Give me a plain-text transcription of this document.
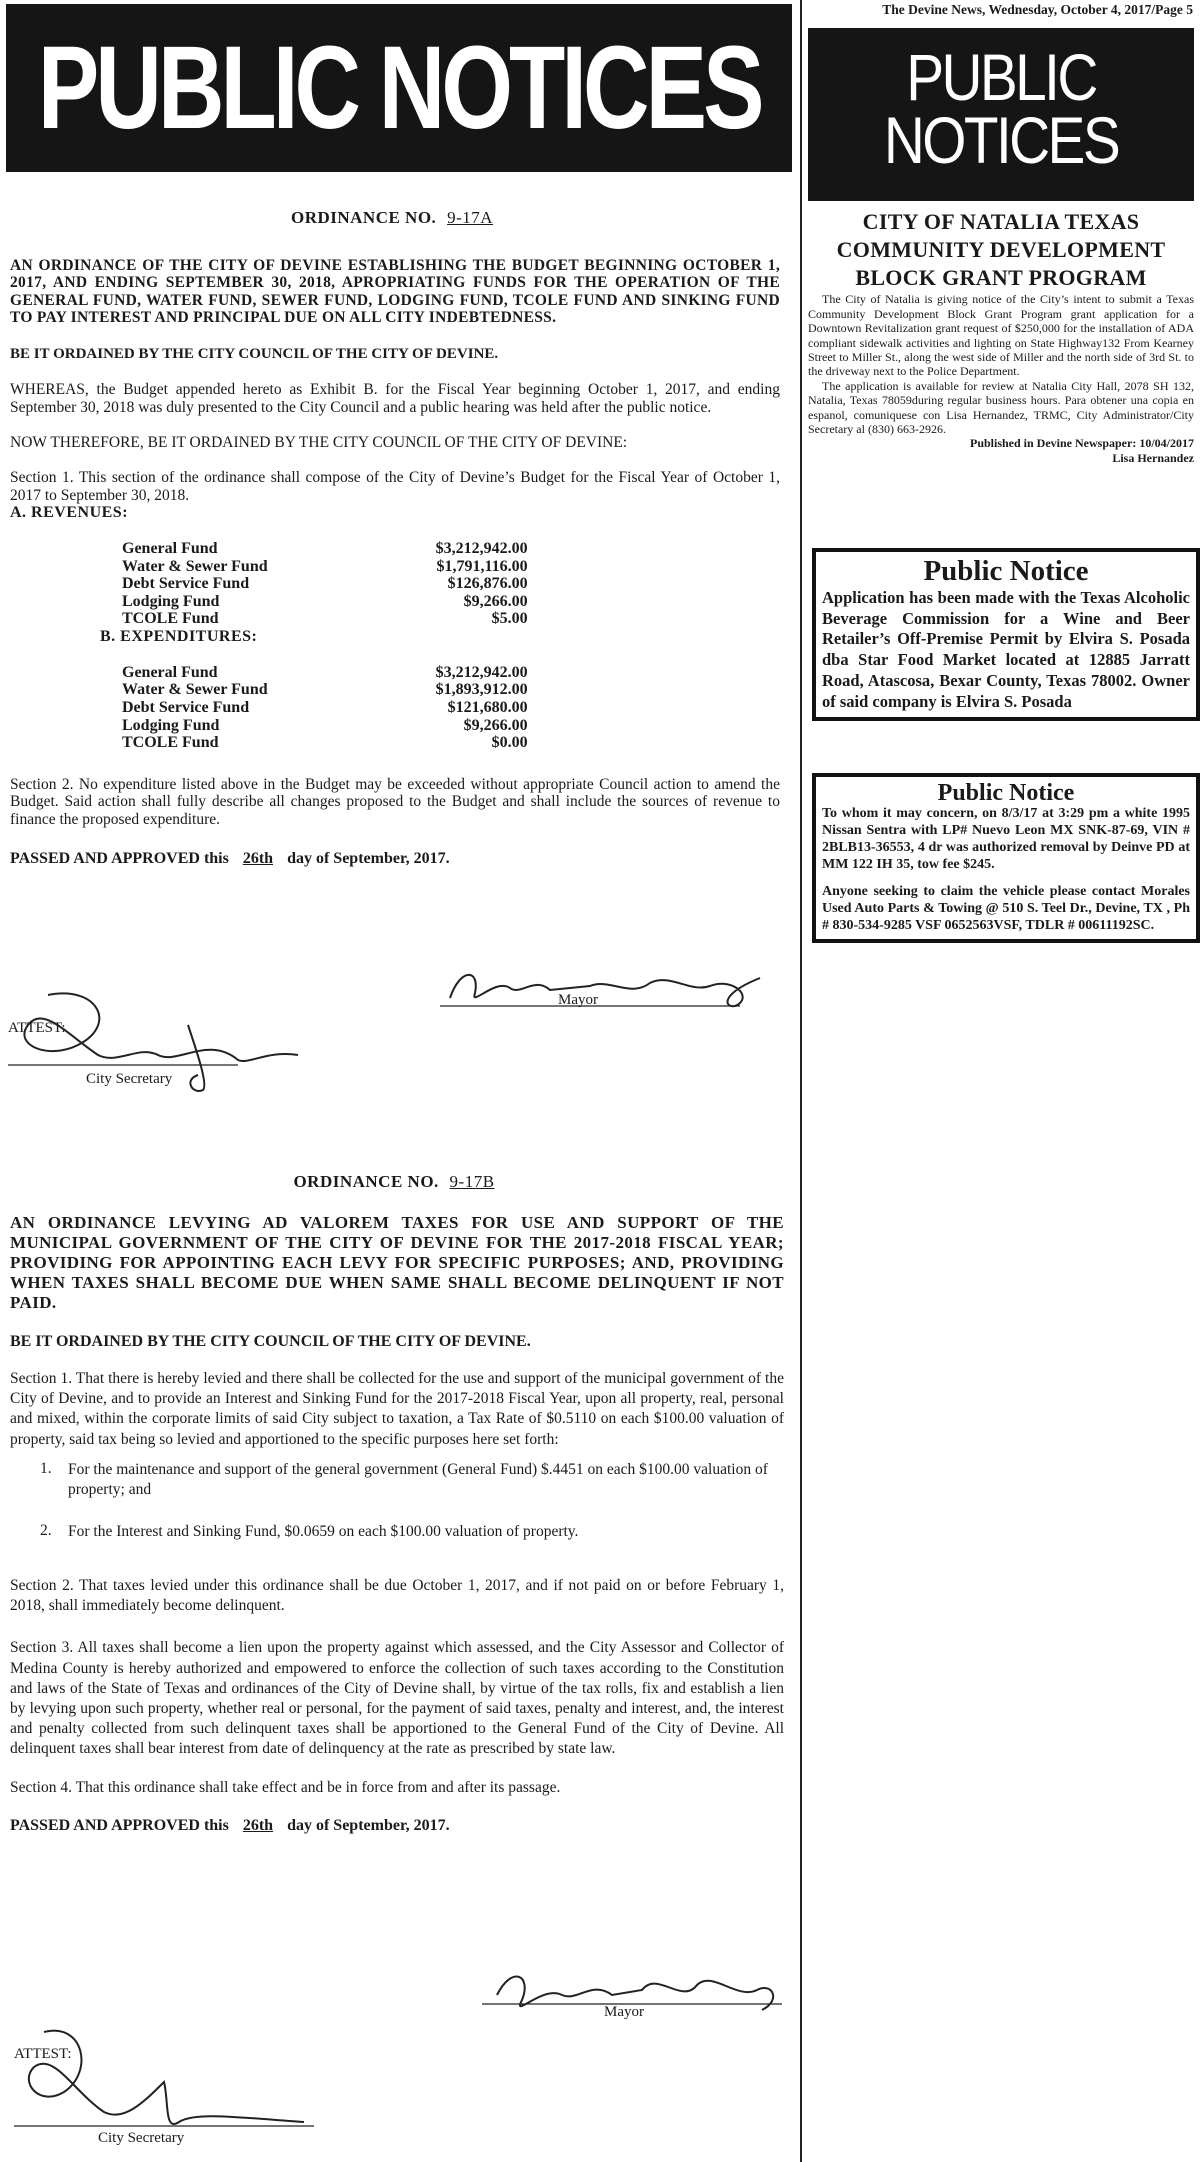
PUBLIC NOTICES

ORDINANCE NO. 9-17A

AN ORDINANCE OF THE CITY OF DEVINE ESTABLISHING THE BUDGET BEGINNING OCTOBER 1, 2017, AND ENDING SEPTEMBER 30, 2018, APROPRIATING FUNDS FOR THE OPERATION OF THE GENERAL FUND, WATER FUND, SEWER FUND, LODGING FUND, TCOLE FUND AND SINKING FUND TO PAY INTEREST AND PRINCIPAL DUE ON ALL CITY INDEBTEDNESS.

BE IT ORDAINED BY THE CITY COUNCIL OF THE CITY OF DEVINE.

WHEREAS, the Budget appended hereto as Exhibit B. for the Fiscal Year beginning October 1, 2017, and ending September 30, 2018 was duly presented to the City Council and a public hearing was held after the public notice.

NOW THEREFORE, BE IT ORDAINED BY THE CITY COUNCIL OF THE CITY OF DEVINE:

Section 1. This section of the ordinance shall compose of the City of Devine’s Budget for the Fiscal Year of October 1, 2017 to September 30, 2018.

A. REVENUES:

General Fund	$3,212,942.00
Water & Sewer Fund	$1,791,116.00
Debt Service Fund	$126,876.00
Lodging Fund	$9,266.00
TCOLE Fund	$5.00

B. EXPENDITURES:

General Fund	$3,212,942.00
Water & Sewer Fund	$1,893,912.00
Debt Service Fund	$121,680.00
Lodging Fund	$9,266.00
TCOLE Fund	$0.00

Section 2. No expenditure listed above in the Budget may be exceeded without appropriate Council action to amend the Budget. Said action shall fully describe all changes proposed to the Budget and shall include the sources of revenue to finance the proposed expenditure.

PASSED AND APPROVED this 26th day of September, 2017.

Mayor
ATTEST:
City Secretary

ORDINANCE NO. 9-17B

AN ORDINANCE LEVYING AD VALOREM TAXES FOR USE AND SUPPORT OF THE MUNICIPAL GOVERNMENT OF THE CITY OF DEVINE FOR THE 2017-2018 FISCAL YEAR; PROVIDING FOR APPOINTING EACH LEVY FOR SPECIFIC PURPOSES; AND, PROVIDING WHEN TAXES SHALL BECOME DUE WHEN SAME SHALL BECOME DELINQUENT IF NOT PAID.

BE IT ORDAINED BY THE CITY COUNCIL OF THE CITY OF DEVINE.

Section 1. That there is hereby levied and there shall be collected for the use and support of the municipal government of the City of Devine, and to provide an Interest and Sinking Fund for the 2017-2018 Fiscal Year, upon all property, real, personal and mixed, within the corporate limits of said City subject to taxation, a Tax Rate of $0.5110 on each $100.00 valuation of property, said tax being so levied and apportioned to the specific purposes here set forth:

1.	For the maintenance and support of the general government (General Fund) $.4451 on each $100.00 valuation of property; and
2.	For the Interest and Sinking Fund, $0.0659 on each $100.00 valuation of property.

Section 2. That taxes levied under this ordinance shall be due October 1, 2017, and if not paid on or before February 1, 2018, shall immediately become delinquent.

Section 3. All taxes shall become a lien upon the property against which assessed, and the City Assessor and Collector of Medina County is hereby authorized and empowered to enforce the collection of such taxes according to the Constitution and laws of the State of Texas and ordinances of the City of Devine shall, by virtue of the tax rolls, fix and establish a lien by levying upon such property, whether real or personal, for the payment of said taxes, penalty and interest, and, the interest and penalty collected from such delinquent taxes shall be apportioned to the General Fund of the City of Devine. All delinquent taxes shall bear interest from date of delinquency at the rate as prescribed by state law.

Section 4. That this ordinance shall take effect and be in force from and after its passage.

PASSED AND APPROVED this 26th day of September, 2017.

Mayor
ATTEST:
City Secretary
The Devine News, Wednesday, October 4, 2017/Page 5
PUBLIC
NOTICES
CITY OF NATALIA TEXAS COMMUNITY DEVELOPMENT BLOCK GRANT PROGRAM

The City of Natalia is giving notice of the City’s intent to submit a Texas Community Development Block Grant Program grant application for a Downtown Revitalization grant request of $250,000 for the installation of ADA compliant sidewalk activities and lighting on State Highway132 From Kearney Street to Miller St., along the west side of Miller and the north side of 3rd St. to the driveway next to the Police Department.

The application is available for review at Natalia City Hall, 2078 SH 132, Natalia, Texas 78059during regular business hours. Para obtener una copia en espanol, comuniquese con Lisa Hernandez, TRMC, City Administrator/City Secretary al (830) 663-2926.

Published in Devine Newspaper: 10/04/2017
Lisa Hernandez
Public Notice
Application has been made with the Texas Alcoholic Beverage Commission for a Wine and Beer Retailer’s Off-Premise Permit by Elvira S. Posada dba Star Food Market located at 12885 Jarratt Road, Atascosa, Bexar County, Texas 78002. Owner of said company is Elvira S. Posada
Public Notice
To whom it may concern, on 8/3/17 at 3:29 pm a white 1995 Nissan Sentra with LP# Nuevo Leon MX SNK-87-69, VIN # 2BLB13-36553, 4 dr was authorized removal by Deinve PD at MM 122 IH 35, tow fee $245.
Anyone seeking to claim the vehicle please contact Morales Used Auto Parts & Towing @ 510 S. Teel Dr., Devine, TX , Ph # 830-534-9285 VSF 0652563VSF, TDLR # 00611192SC.
